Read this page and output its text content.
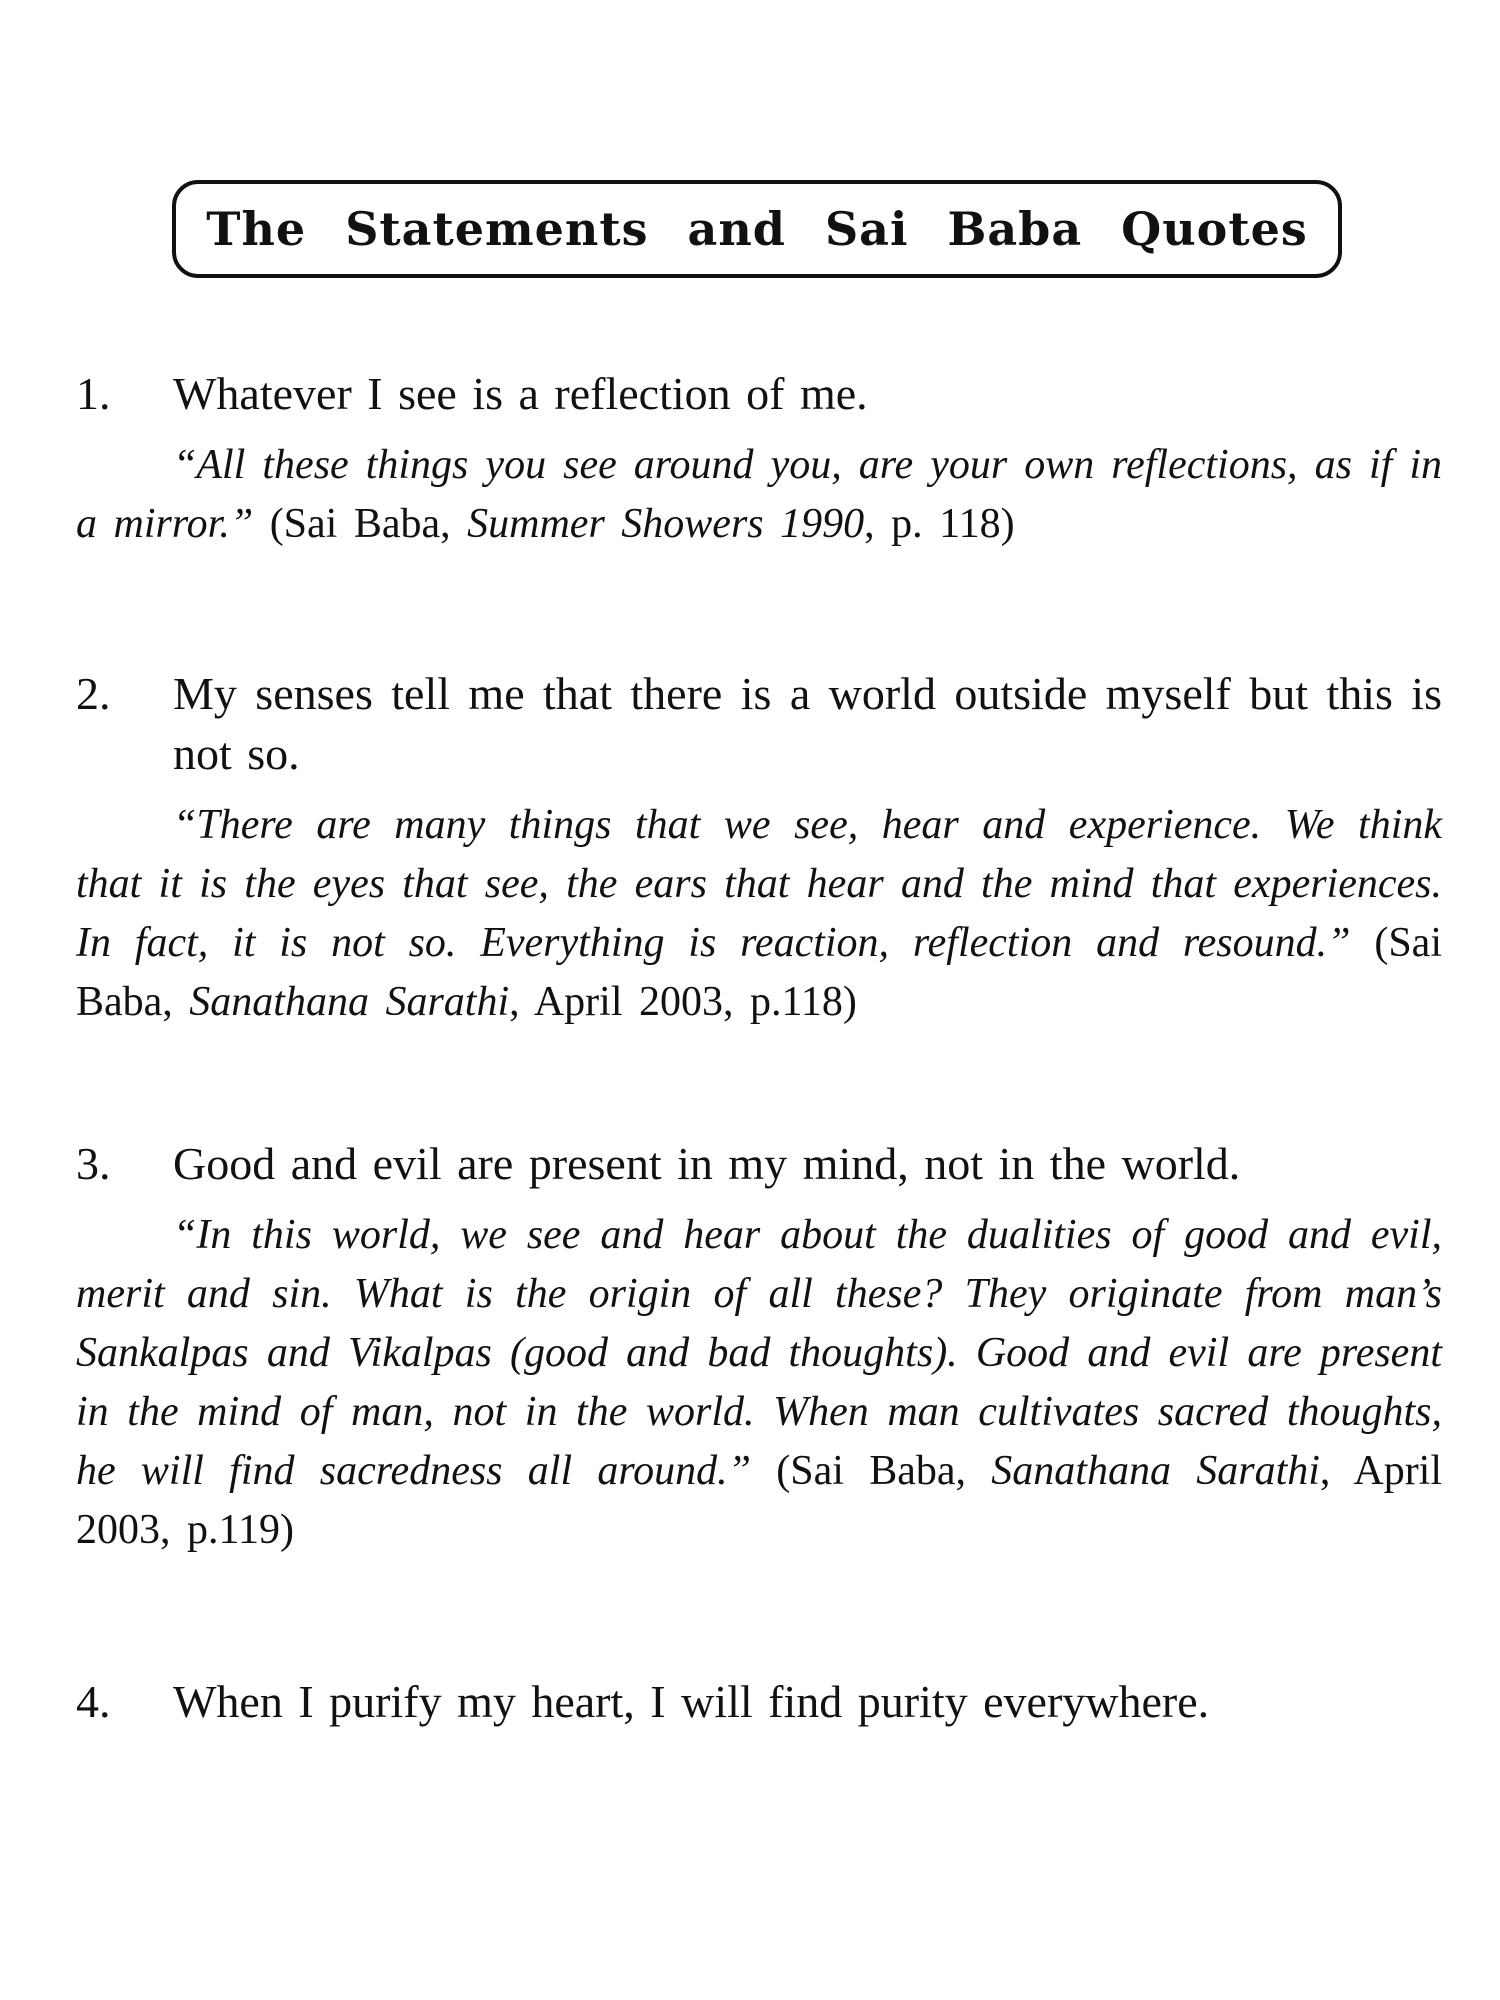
The Statements and Sai Baba Quotes
1.	Whatever I see is a reflection of me.

“All these things you see around you, are your own reflections, as if in a mirror.” (Sai Baba, Summer Showers 1990, p. 118)

2.	My senses tell me that there is a world outside myself but this is not so.

“There are many things that we see, hear and experience. We think that it is the eyes that see, the ears that hear and the mind that experiences. In fact, it is not so. Everything is reaction, reflection and resound.” (Sai Baba, Sanathana Sarathi, April 2003, p.118)

3.	Good and evil are present in my mind, not in the world.

“In this world, we see and hear about the dualities of good and evil, merit and sin. What is the origin of all these? They originate from man’s Sankalpas and Vikalpas (good and bad thoughts). Good and evil are present in the mind of man, not in the world. When man cultivates sacred thoughts, he will find sacredness all around.” (Sai Baba, Sanathana Sarathi, April 2003, p.119)

4.	When I purify my heart, I will find purity everywhere.
